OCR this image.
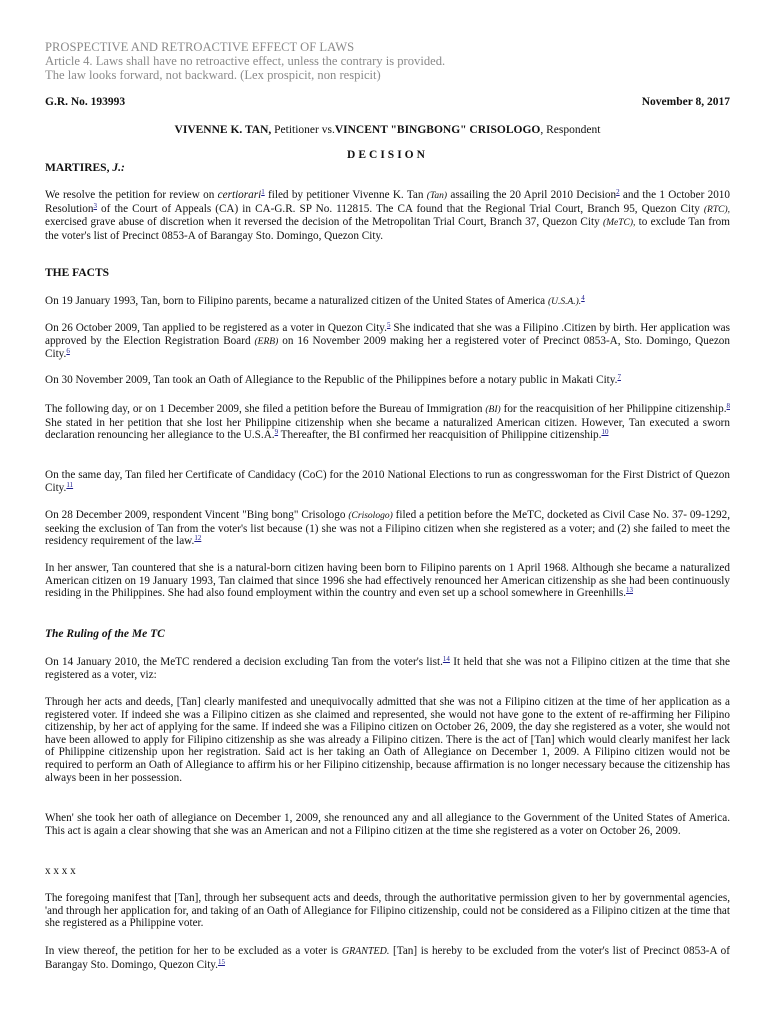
PROSPECTIVE AND RETROACTIVE EFFECT OF LAWS
Article 4. Laws shall have no retroactive effect, unless the contrary is provided.
The law looks forward, not backward. (Lex prospicit, non respicit)
G.R. No. 193993	November 8, 2017
VIVENNE K. TAN, Petitioner vs.VINCENT "BINGBONG" CRISOLOGO, Respondent
DECISION
MARTIRES, J.:
We resolve the petition for review on certiorari$^1$ filed by petitioner Vivenne K. Tan (Tan) assailing the 20 April 2010 Decision$^2$ and the 1 October 2010 Resolution$^3$ of the Court of Appeals (CA) in CA-G.R. SP No. 112815. The CA found that the Regional Trial Court, Branch 95, Quezon City (RTC), exercised grave abuse of discretion when it reversed the decision of the Metropolitan Trial Court, Branch 37, Quezon City (MeTC), to exclude Tan from the voter's list of Precinct 0853-A of Barangay Sto. Domingo, Quezon City.
THE FACTS
On 19 January 1993, Tan, born to Filipino parents, became a naturalized citizen of the United States of America (U.S.A.).$^4$
On 26 October 2009, Tan applied to be registered as a voter in Quezon City.$^5$ She indicated that she was a Filipino .Citizen by birth. Her application was approved by the Election Registration Board (ERB) on 16 November 2009 making her a registered voter of Precinct 0853-A, Sto. Domingo, Quezon City.$^6$
On 30 November 2009, Tan took an Oath of Allegiance to the Republic of the Philippines before a notary public in Makati City.$^7$
The following day, or on 1 December 2009, she filed a petition before the Bureau of Immigration (BI) for the reacquisition of her Philippine citizenship.$^8$ She stated in her petition that she lost her Philippine citizenship when she became a naturalized American citizen. However, Tan executed a sworn declaration renouncing her allegiance to the U.S.A.$^9$ Thereafter, the BI confirmed her reacquisition of Philippine citizenship.$^{10}$
On the same day, Tan filed her Certificate of Candidacy (CoC) for the 2010 National Elections to run as congresswoman for the First District of Quezon City.$^{11}$
On 28 December 2009, respondent Vincent "Bing bong" Crisologo (Crisologo) filed a petition before the MeTC, docketed as Civil Case No. 37- 09-1292, seeking the exclusion of Tan from the voter's list because (1) she was not a Filipino citizen when she registered as a voter; and (2) she failed to meet the residency requirement of the law.$^{12}$
In her answer, Tan countered that she is a natural-born citizen having been born to Filipino parents on 1 April 1968. Although she became a naturalized American citizen on 19 January 1993, Tan claimed that since 1996 she had effectively renounced her American citizenship as she had been continuously residing in the Philippines. She had also found employment within the country and even set up a school somewhere in Greenhills.$^{13}$
The Ruling of the Me TC
On 14 January 2010, the MeTC rendered a decision excluding Tan from the voter's list.$^{14}$ It held that she was not a Filipino citizen at the time that she registered as a voter, viz:
Through her acts and deeds, [Tan] clearly manifested and unequivocally admitted that she was not a Filipino citizen at the time of her application as a registered voter. If indeed she was a Filipino citizen as she claimed and represented, she would not have gone to the extent of re-affirming her Filipino citizenship, by her act of applying for the same. If indeed she was a Filipino citizen on October 26, 2009, the day she registered as a voter, she would not have been allowed to apply for Filipino citizenship as she was already a Filipino citizen. There is the act of [Tan] which would clearly manifest her lack of Philippine citizenship upon her registration. Said act is her taking an Oath of Allegiance on December 1, 2009. A Filipino citizen would not be required to perform an Oath of Allegiance to affirm his or her Filipino citizenship, because affirmation is no longer necessary because the citizenship has always been in her possession.
When' she took her oath of allegiance on December 1, 2009, she renounced any and all allegiance to the Government of the United States of America. This act is again a clear showing that she was an American and not a Filipino citizen at the time she registered as a voter on October 26, 2009.
x x x x
The foregoing manifest that [Tan], through her subsequent acts and deeds, through the authoritative permission given to her by governmental agencies, 'and through her application for, and taking of an Oath of Allegiance for Filipino citizenship, could not be considered as a Filipino citizen at the time that she registered as a Philippine voter.
In view thereof, the petition for her to be excluded as a voter is GRANTED. [Tan] is hereby to be excluded from the voter's list of Precinct 0853-A of Barangay Sto. Domingo, Quezon City.$^{15}$
